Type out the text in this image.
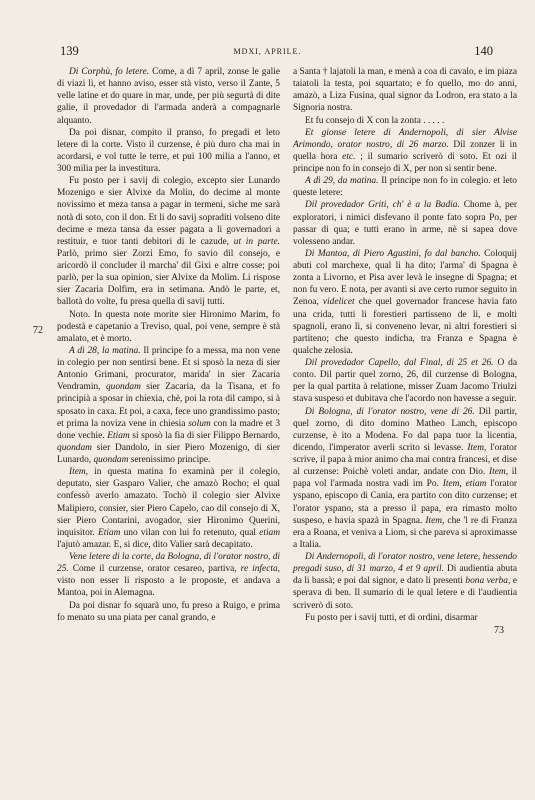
139	MDXI, APRILE.	140
72
73

Di Corphù, fo letere. Come, a dì 7 april, zonse le galie di viazi lì, et hanno aviso, esser stà visto, verso il Zante, 5 velle latine et do quare in mar, unde, per più segurtà di dite galie, il provedador di l'armada anderà a compagnarle alquanto.

Da poi disnar, compito il pranso, fo pregadi et leto letere di la corte. Visto il curzense, è più duro cha mai in acordarsi, e vol tutte le terre, et pui 100 milia a l'anno, et 300 milia per la investitura.

Fu posto per i savij di colegio, excepto sier Lunardo Mozenigo e sier Alvixe da Molin, do decime al monte novissimo et meza tansa a pagar in termeni, siche me sarà notà di soto, con il don. Et li do savij sopraditi volseno dite decime e meza tansa da esser pagata a li governadori a restituir, e tuor tanti debitori di le cazude, ut in parte. Parlò, primo sier Zorzi Emo, fo savio dil consejo, e aricordò il concluder il marcha' dil Gixi e altre cosse; poi parlò, per la sua opinion, sier Alvixe da Molim. Li rispose sier Zacaria Dolfim, era in setimana. Andò le parte, et, ballotà do volte, fu presa quella di savij tutti.

Noto. In questa note morite sier Hironimo Marim, fo podestà e capetanio a Treviso, qual, poi vene, sempre è stà amalato, et è morto.

A dì 28, la matina. Il principe fo a messa, ma non vene in colegio per non sentirsi bene. Et si sposò la neza di sier Antonio Grimani, procurator, marida' in sier Zacaria Vendramin, quondam sier Zacaria, da la Tisana, et fo principià a sposar in chiexia, chè, poi la rota dil campo, si à sposato in caxa. Et poi, a caxa, fece uno grandissimo pasto; et prima la noviza vene in chiesia solum con la madre et 3 done vechie. Etiam si sposò la fia di sier Filippo Bernardo, quondam sier Dandolo, in sier Piero Mozenigo, di sier Lunardo, quondam serenissimo principe.

Item, in questa matina fo examinà per il colegio, deputato, sier Gasparo Valier, che amazò Rocho; el qual confessò averlo amazato. Tochò il colegio sier Alvixe Malipiero, consier, sier Piero Capelo, cao dil consejo di X, sier Piero Contarini, avogador, sier Hironimo Querini, inquisitor. Etiam uno vilan con lui fo retenuto, qual etiam l'ajutò amazar. E, si dice, dito Valier sarà decapitato.

Vene letere di la corte, da Bologna, di l'orator nostro, di 25. Come il curzense, orator cesareo, partiva, re infecta, visto non esser li risposto a le proposte, et andava a Mantoa, poi in Alemagna.

Da poi disnar fo squarà uno, fu preso a Ruigo, e prima fo menato su una piata per canal grando, e

a Santa † lajatoli la man, e menà a coa di cavalo, e im piaza taiatoli la testa, poi squartato; e fo quello, mo do anni, amazò, a Liza Fusina, qual signor da Lodron, era stato a la Signoria nostra.

Et fu consejo di X con la zonta . . . . .

Et gionse letere di Andernopoli, di sier Alvise Arimondo, orator nostro, di 26 marzo. Dil zonzer lì in quella hora etc. ; il sumario scriverò di soto. Et ozi il principe non fo in consejo di X, per non si sentir bene.

A dì 29, da matina. Il principe non fo in colegio. et leto queste letere:

Dil provedador Griti, ch' è a la Badia. Chome à, per exploratori, i nimici disfevano il ponte fato sopra Po, per passar di qua; e tutti erano in arme, nè si sapea dove volesseno andar.

Di Mantoa, di Piero Agustini, fo dal bancho. Coloquij abuti col marchexe, qual li ha dito; l'arma' di Spagna è zonta a Livorno, et Pisa aver levà le insegne di Spagna; et non fu vero. E nota, per avanti si ave certo rumor seguito in Zenoa, videlicet che quel governador francese havia fato una crida, tutti li forestieri partisseno de lì, e molti spagnoli, erano lì, si conveneno levar, nì altri forestieri si partiteno; che questo indicha, tra Franza e Spagna è qualche zelosia.

Dil provedador Capello, dal Final, di 25 et 26. O da conto. Dil partir quel zorno, 26, dil curzense di Bologna, per la qual partita à relatione, misser Zuam Jacomo Triulzi stava suspeso et dubitava che l'acordo non havesse a seguir.

Di Bologna, di l'orator nostro, vene di 26. Dil partir, quel zorno, di dito domino Matheo Lanch, episcopo curzense, è ito a Modena. Fo dal papa tuor la licentia, dicendo, l'imperator averli scrito si levasse. Item, l'orator scrive, il papa à mior animo cha mai contra francesi, et dise al curzense: Poichè voleti andar, andate con Dio. Item, il papa vol l'armada nostra vadi im Po. Item, etiam l'orator yspano, episcopo di Cania, era partito con dito curzense; et l'orator yspano, sta a presso il papa, era rimasto molto suspeso, e havia spazà in Spagna. Item, che 'l re di Franza era a Roana, et veniva a Liom, si che pareva si aproximasse a Italia.

Di Andernopoli, di l'orator nostro, vene letere, hessendo pregadi suso, di 31 marzo, 4 et 9 april. Di audientia abuta da li bassà; e poi dal signor, e dato li presenti bona verba, e sperava di ben. Il sumario di le qual letere e di l'audientia scriverò di soto.

Fu posto per i savij tutti, et di ordini, disarmar
